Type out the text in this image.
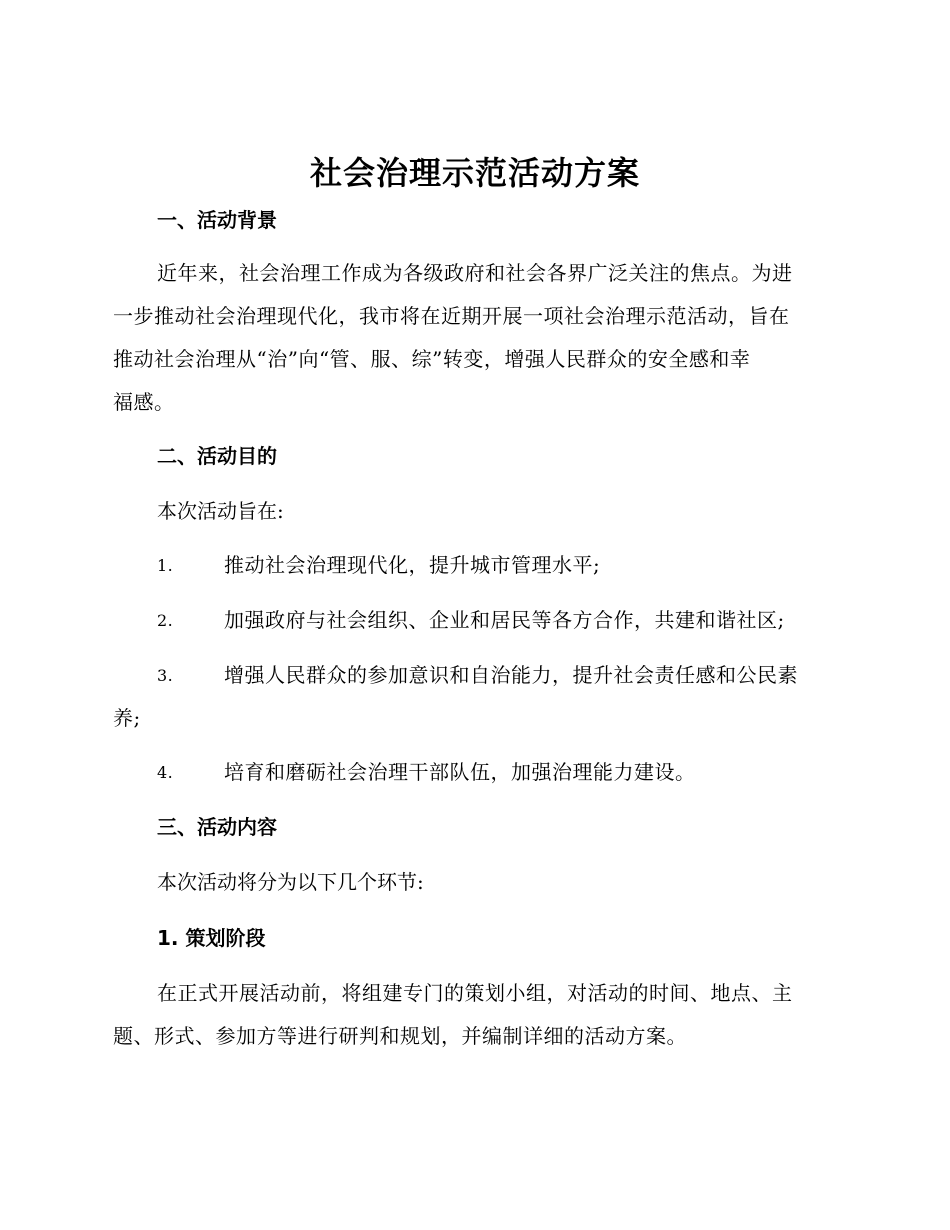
社会治理示范活动方案
一、活动背景
近年来，社会治理工作成为各级政府和社会各界广泛关注的焦点。为进
一步推动社会治理现代化，我市将在近期开展一项社会治理示范活动，旨在
推动社会治理从“治”向“管、服、综”转变，增强人民群众的安全感和幸
福感。
二、活动目的
本次活动旨在:
1.	推动社会治理现代化，提升城市管理水平;
2.	加强政府与社会组织、企业和居民等各方合作，共建和谐社区;
3.	增强人民群众的参加意识和自治能力，提升社会责任感和公民素
养;
4.	培育和磨砺社会治理干部队伍，加强治理能力建设。
三、活动内容
本次活动将分为以下几个环节:
1. 策划阶段
在正式开展活动前，将组建专门的策划小组，对活动的时间、地点、主
题、形式、参加方等进行研判和规划，并编制详细的活动方案。
